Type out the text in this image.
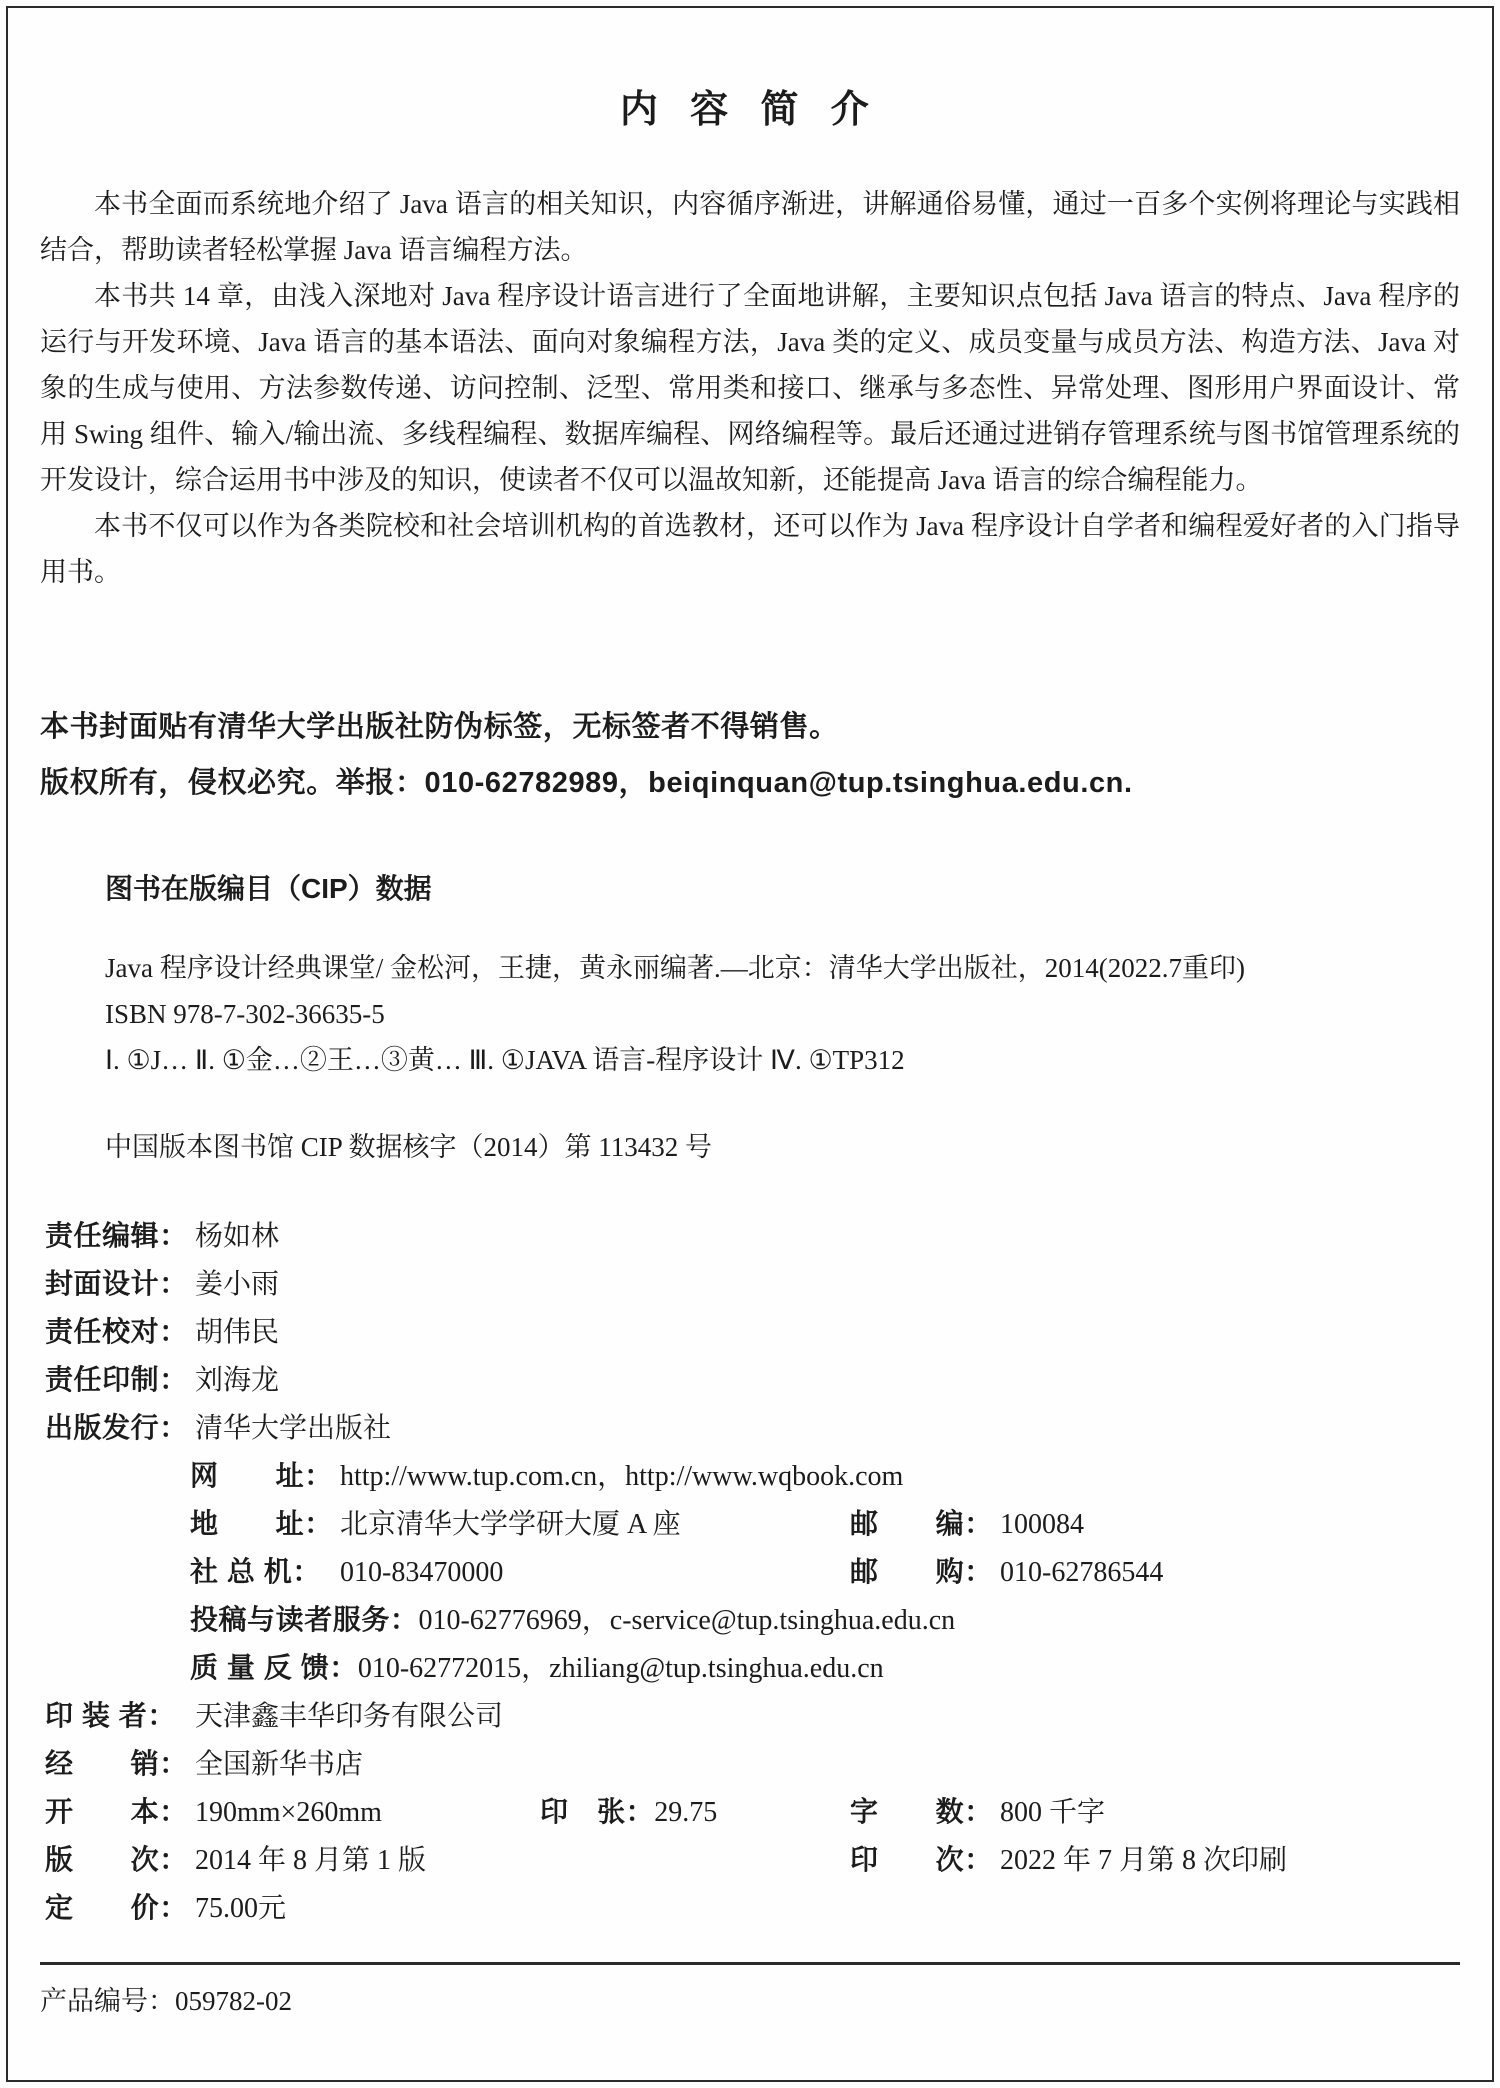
内 容 简 介

本书全面而系统地介绍了 Java 语言的相关知识，内容循序渐进，讲解通俗易懂，通过一百多个实例将理论与实践相结合，帮助读者轻松掌握 Java 语言编程方法。

本书共 14 章，由浅入深地对 Java 程序设计语言进行了全面地讲解，主要知识点包括 Java 语言的特点、Java 程序的运行与开发环境、Java 语言的基本语法、面向对象编程方法，Java 类的定义、成员变量与成员方法、构造方法、Java 对象的生成与使用、方法参数传递、访问控制、泛型、常用类和接口、继承与多态性、异常处理、图形用户界面设计、常用 Swing 组件、输入/输出流、多线程编程、数据库编程、网络编程等。最后还通过进销存管理系统与图书馆管理系统的开发设计，综合运用书中涉及的知识，使读者不仅可以温故知新，还能提高 Java 语言的综合编程能力。

本书不仅可以作为各类院校和社会培训机构的首选教材，还可以作为 Java 程序设计自学者和编程爱好者的入门指导用书。

本书封面贴有清华大学出版社防伪标签，无标签者不得销售。

版权所有，侵权必究。举报：010-62782989，beiqinquan@tup.tsinghua.edu.cn.

图书在版编目（CIP）数据

Java 程序设计经典课堂/ 金松河，王捷，黄永丽编著.—北京：清华大学出版社，2014(2022.7重印)

ISBN 978-7-302-36635-5

Ⅰ. ①J… Ⅱ. ①金…②王…③黄… Ⅲ. ①JAVA 语言-程序设计 Ⅳ. ①TP312

中国版本图书馆 CIP 数据核字（2014）第 113432 号

责任编辑： 杨如林
封面设计： 姜小雨
责任校对： 胡伟民
责任印制： 刘海龙
出版发行： 清华大学出版社
网　　址： http://www.tup.com.cn，http://www.wqbook.com
地　　址： 北京清华大学学研大厦 A 座	邮　　编： 100084
社 总 机： 010-83470000	邮　　购： 010-62786544
投稿与读者服务：010-62776969，c-service@tup.tsinghua.edu.cn
质 量 反 馈：010-62772015，zhiliang@tup.tsinghua.edu.cn
印 装 者： 天津鑫丰华印务有限公司
经　　销： 全国新华书店
开　　本： 190mm×260mm	印　张：29.75	字　　数： 800 千字
版　　次： 2014 年 8 月第 1 版	印　　次： 2022 年 7 月第 8 次印刷
定　　价： 75.00元

产品编号：059782-02
